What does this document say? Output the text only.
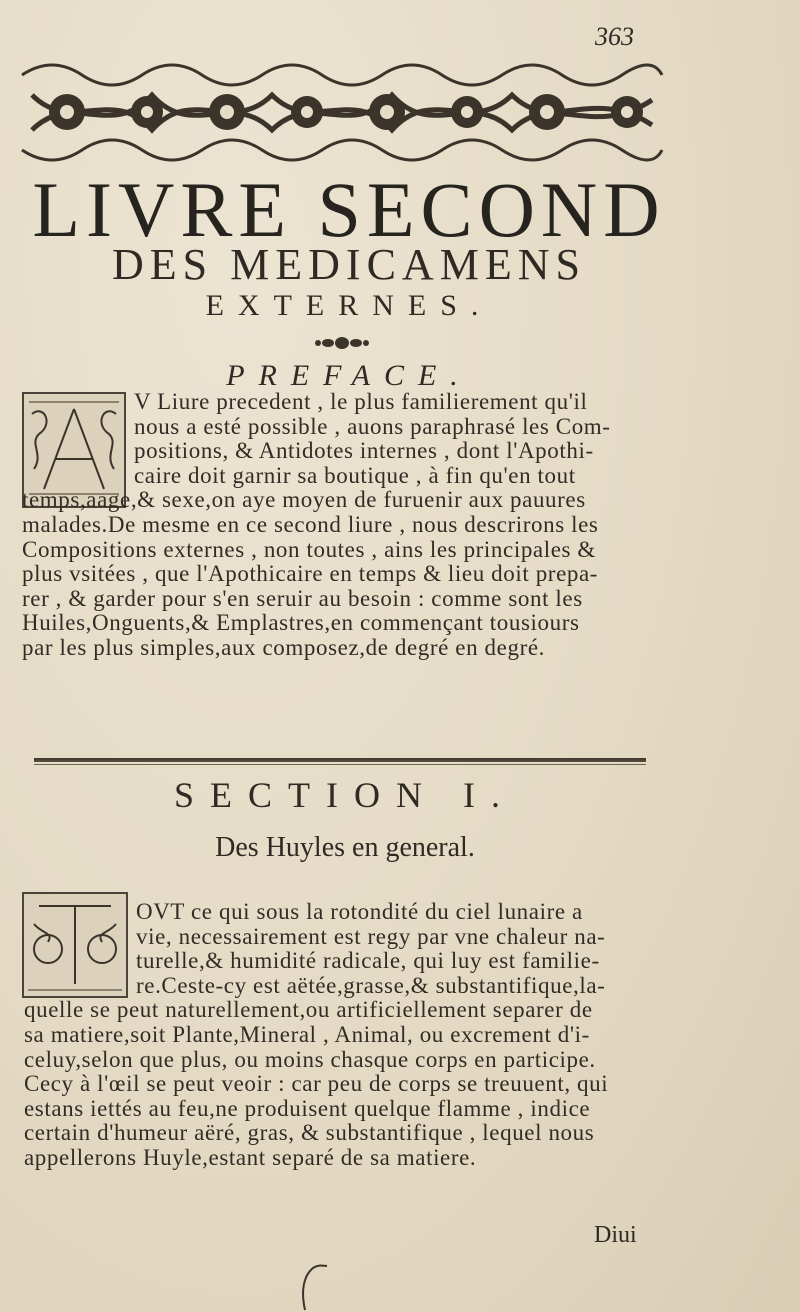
363
LIVRE SECOND
DES MEDICAMENS
EXTERNES.
PREFACE.
V Liure precedent , le plus familierement qu'il
nous a esté possible , auons paraphrasé les Com-
positions, & Antidotes internes , dont l'Apothi-
caire doit garnir sa boutique , à fin qu'en tout
temps,aage,& sexe,on aye moyen de furuenir aux pauures
malades.De mesme en ce second liure , nous descrirons les
Compositions externes , non toutes , ains les principales &
plus vsitées , que l'Apothicaire en temps & lieu doit prepa-
rer , & garder pour s'en seruir au besoin : comme sont les
Huiles,Onguents,& Emplastres,en commençant tousiours
par les plus simples,aux composez,de degré en degré.
SECTION I.
Des Huyles en general.
OVT ce qui sous la rotondité du ciel lunaire a
vie, necessairement est regy par vne chaleur na-
turelle,& humidité radicale, qui luy est familie-
re.Ceste-cy est aëtée,grasse,& substantifique,la-
quelle se peut naturellement,ou artificiellement separer de
sa matiere,soit Plante,Mineral , Animal, ou excrement d'i-
celuy,selon que plus, ou moins chasque corps en participe.
Cecy à l'œil se peut veoir : car peu de corps se treuuent, qui
estans iettés au feu,ne produisent quelque flamme , indice
certain d'humeur aëré, gras, & substantifique , lequel nous
appellerons Huyle,estant separé de sa matiere.
Diui
